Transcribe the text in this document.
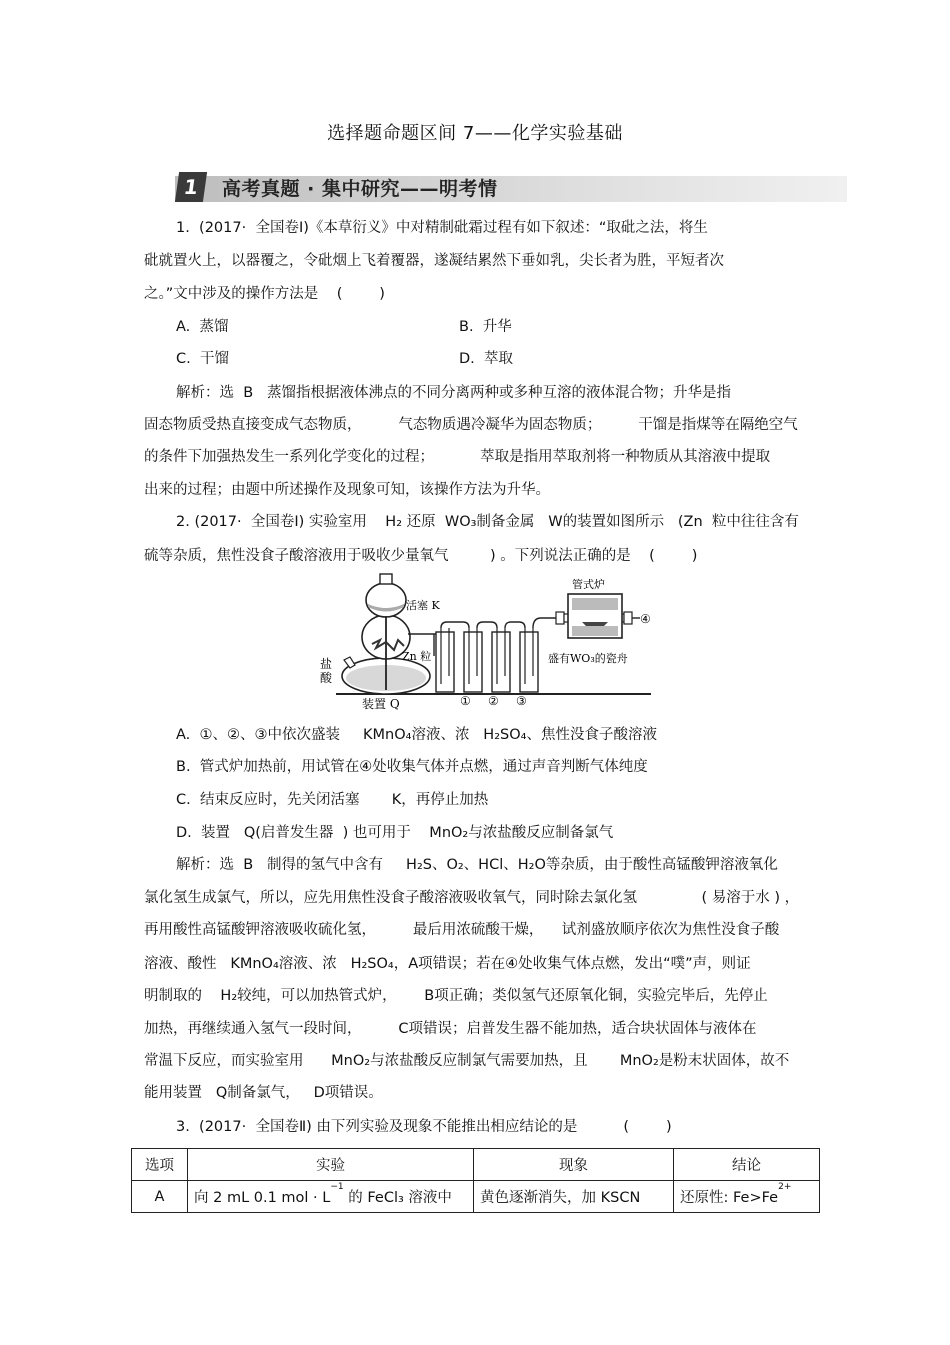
选择题命题区间 7——化学实验基础
1	高考真题 · 集中研究——明考情
1.  (2017·  全国卷Ⅰ)《本草衍义》中对精制砒霜过程有如下叙述：“取砒之法，将生
砒就置火上，以器覆之，令砒烟上飞着覆器，遂凝结累然下垂如乳，尖长者为胜，平短者次
之。”文中涉及的操作方法是    (        )
A.  蒸馏	B.  升华
C.  干馏	D.  萃取
解析：选  B   蒸馏指根据液体沸点的不同分离两种或多种互溶的液体混合物；升华是指
固态物质受热直接变成气态物质，        气态物质遇冷凝华为固态物质；        干馏是指煤等在隔绝空气
的条件下加强热发生一系列化学变化的过程；          萃取是指用萃取剂将一种物质从其溶液中提取
出来的过程；由题中所述操作及现象可知，该操作方法为升华。
2. (2017·  全国卷Ⅰ) 实验室用    H₂ 还原  WO₃制备金属   W的装置如图所示   (Zn  粒中往往含有
硫等杂质，焦性没食子酸溶液用于吸收少量氧气         ) 。下列说法正确的是    (        )
活塞 K
Zn 粒
盐
酸
装置 Q	① ② ③
管式炉
④
盛有WO₃的瓷舟
A.  ①、②、③中依次盛装     KMnO₄溶液、浓   H₂SO₄、焦性没食子酸溶液
B.  管式炉加热前，用试管在④处收集气体并点燃，通过声音判断气体纯度
C.  结束反应时，先关闭活塞       K，再停止加热
D.  装置   Q(启普发生器  ) 也可用于    MnO₂与浓盐酸反应制备氯气
解析：选  B   制得的氢气中含有     H₂S、O₂、HCl、H₂O等杂质，由于酸性高锰酸钾溶液氧化
氯化氢生成氯气，所以，应先用焦性没食子酸溶液吸收氧气，同时除去氯化氢              ( 易溶于水 ) ，
再用酸性高锰酸钾溶液吸收硫化氢，        最后用浓硫酸干燥，    试剂盛放顺序依次为焦性没食子酸
溶液、酸性   KMnO₄溶液、浓   H₂SO₄，A项错误；若在④处收集气体点燃，发出“噗”声，则证
明制取的    H₂较纯，可以加热管式炉，      B项正确；类似氢气还原氧化铜，实验完毕后，先停止
加热，再继续通入氢气一段时间，        C项错误；启普发生器不能加热，适合块状固体与液体在
常温下反应，而实验室用      MnO₂与浓盐酸反应制氯气需要加热，且       MnO₂是粉末状固体，故不
能用装置   Q制备氯气，   D项错误。
3.  (2017·  全国卷Ⅱ) 由下列实验及现象不能推出相应结论的是          (        )
选项	实验	现象	结论
A	向 2 mL 0.1 mol · $L^{-1}$ 的 FeCl₃ 溶液中	黄色逐渐消失，加 KSCN	还原性: $Fe>Fe^{2+}$
